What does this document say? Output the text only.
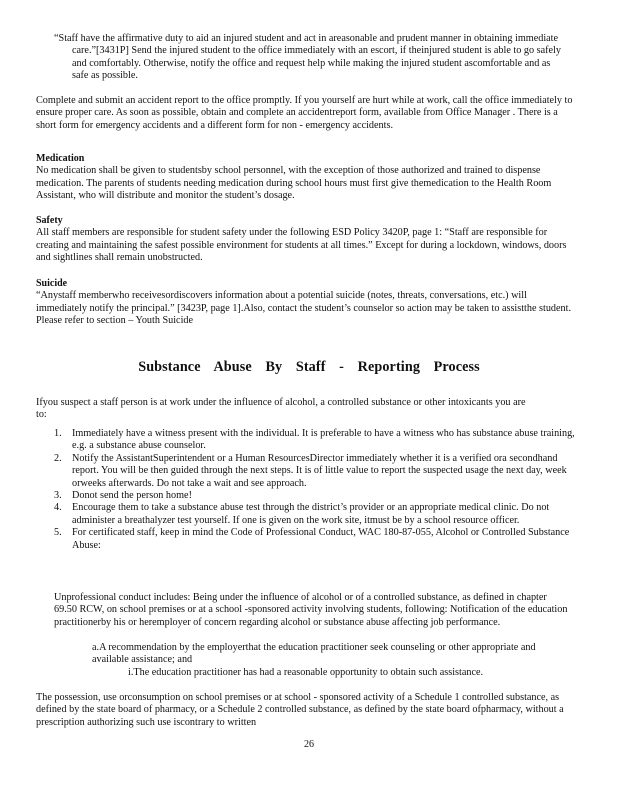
“Staff have the affirmative duty to aid an injured student and act in areasonable and prudent manner in obtaining immediate care.”[3431P] Send the injured student to the office immediately with an escort, if theinjured student is able to go safely and comfortably. Otherwise, notify the office and request help while making the injured student ascomfortable and as safe as possible.

Complete and submit an accident report to the office promptly. If you yourself are hurt while at work, call the office immediately to ensure proper care. As soon as possible, obtain and complete an accidentreport form, available from Office Manager . There is a short form for emergency accidents and a different form for non - emergency accidents.

Medication
No medication shall be given to studentsby school personnel, with the exception of those authorized and trained to dispense medication. The parents of students needing medication during school hours must first give themedication to the Health Room Assistant, who will distribute and monitor the student’s dosage.
Safety
All staff members are responsible for student safety under the following ESD Policy 3420P, page 1: “Staff are responsible for creating and maintaining the safest possible environment for students at all times.” Except for during a lockdown, windows, doors and sightlines shall remain unobstructed.
Suicide
“Anystaff memberwho receivesordiscovers information about a potential suicide (notes, threats, conversations, etc.) will immediately notify the principal.” [3423P, page 1].Also, contact the student’s counselor so action may be taken to assistthe student. Please refer to section – Youth Suicide
Substance Abuse By Staff - Reporting Process

Ifyou suspect a staff person is at work under the influence of alcohol, a controlled substance or other intoxicants you are to:

1. Immediately have a witness present with the individual. It is preferable to have a witness who has substance abuse training, e.g. a substance abuse counselor.
2. Notify the AssistantSuperintendent or a Human ResourcesDirector immediately whether it is a verified ora secondhand report. You will be then guided through the next steps. It is of little value to report the suspected usage the next day, week orweeks afterwards. Do not take a wait and see approach.
3. Donot send the person home!
4. Encourage them to take a substance abuse test through the district’s provider or an appropriate medical clinic. Do not administer a breathalyzer test yourself. If one is given on the work site, itmust be by a school resource officer.
5. For certificated staff, keep in mind the Code of Professional Conduct, WAC 180-87-055, Alcohol or Controlled Substance Abuse:

Unprofessional conduct includes: Being under the influence of alcohol or of a controlled substance, as defined in chapter 69.50 RCW, on school premises or at a school -sponsored activity involving students, following: Notification of the education practitionerby his or heremployer of concern regarding alcohol or substance abuse affecting job performance.

a.A recommendation by the employerthat the education practitioner seek counseling or other appropriate and available assistance; and

i.The education practitioner has had a reasonable opportunity to obtain such assistance.

The possession, use orconsumption on school premises or at school - sponsored activity of a Schedule 1 controlled substance, as defined by the state board of pharmacy, or a Schedule 2 controlled substance, as defined by the state board ofpharmacy, without a prescription authorizing such use iscontrary to written

26
